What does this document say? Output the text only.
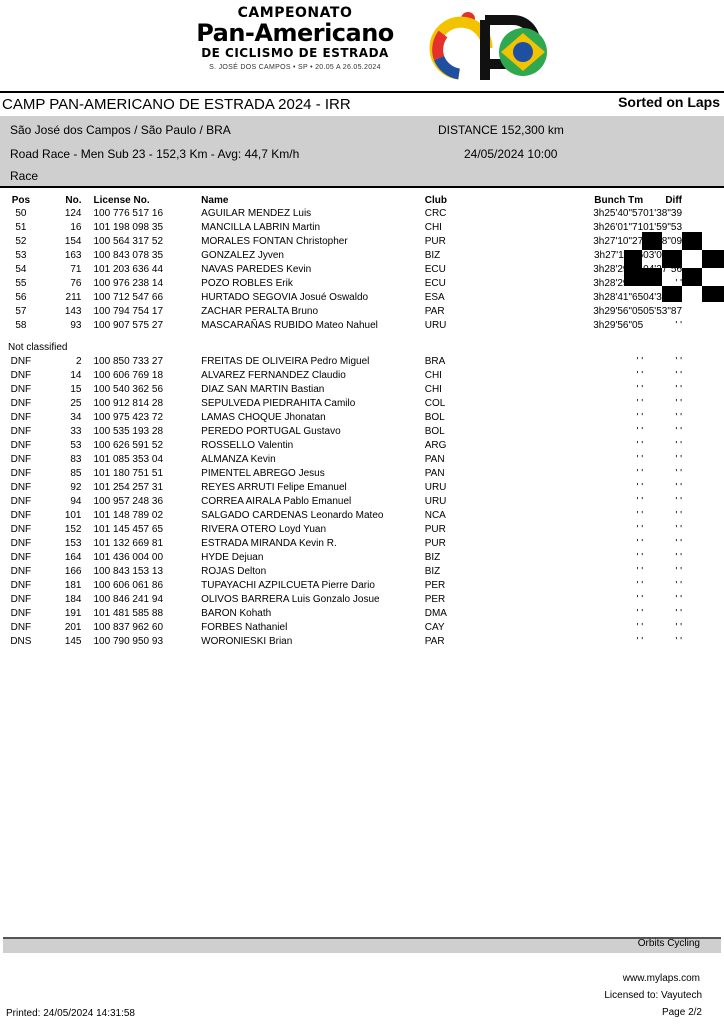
CAMPEONATO
Pan-Americano
DE CICLISMO DE ESTRADA
S. JOSÉ DOS CAMPOS • SP • 20.05 A 26.05.2024
CAMP PAN-AMERICANO DE ESTRADA 2024 - IRR	Sorted on Laps
São José dos Campos / São Paulo / BRA	DISTANCE 152,300 km
Road Race - Men Sub 23 - 152,3 Km - Avg: 44,7 Km/h	24/05/2024 10:00
Race
Pos	No.	License No.	Name	Club	Bunch Tm	Diff
50	124	100 776 517 16	AGUILAR MENDEZ Luis	CRC	3h25'40"57	01'38"39
51	16	101 198 098 35	MANCILLA LABRIN Martin	CHI	3h26'01"71	01'59"53
52	154	100 564 317 52	MORALES FONTAN Christopher	PUR	3h27'10"27	03'08"09
53	163	100 843 078 35	GONZALEZ Jyven	BIZ	3h27'11"96	03'09"78
54	71	101 203 636 44	NAVAS PAREDES Kevin	ECU	3h28'29"74	04'27"56
55	76	100 976 238 14	POZO ROBLES Erik	ECU	3h28'29"74	' '
56	211	100 712 547 66	HURTADO SEGOVIA Josué Oswaldo	ESA	3h28'41"65	04'39"47
57	143	100 794 754 17	ZACHAR PERALTA Bruno	PAR	3h29'56"05	05'53"87
58	93	100 907 575 27	MASCARAÑAS RUBIDO Mateo Nahuel	URU	3h29'56"05	' '

Not classified						
DNF	2	100 850 733 27	FREITAS DE OLIVEIRA Pedro Miguel	BRA	' '	' '
DNF	14	100 606 769 18	ALVAREZ FERNANDEZ Claudio	CHI	' '	' '
DNF	15	100 540 362 56	DIAZ SAN MARTIN Bastian	CHI	' '	' '
DNF	25	100 912 814 28	SEPULVEDA PIEDRAHITA Camilo	COL	' '	' '
DNF	34	100 975 423 72	LAMAS CHOQUE Jhonatan	BOL	' '	' '
DNF	33	100 535 193 28	PEREDO PORTUGAL Gustavo	BOL	' '	' '
DNF	53	100 626 591 52	ROSSELLO Valentin	ARG	' '	' '
DNF	83	101 085 353 04	ALMANZA Kevin	PAN	' '	' '
DNF	85	101 180 751 51	PIMENTEL ABREGO Jesus	PAN	' '	' '
DNF	92	101 254 257 31	REYES ARRUTI Felipe Emanuel	URU	' '	' '
DNF	94	100 957 248 36	CORREA AIRALA Pablo Emanuel	URU	' '	' '
DNF	101	101 148 789 02	SALGADO CARDENAS Leonardo Mateo	NCA	' '	' '
DNF	152	101 145 457 65	RIVERA OTERO Loyd Yuan	PUR	' '	' '
DNF	153	101 132 669 81	ESTRADA MIRANDA Kevin R.	PUR	' '	' '
DNF	164	101 436 004 00	HYDE Dejuan	BIZ	' '	' '
DNF	166	100 843 153 13	ROJAS Delton	BIZ	' '	' '
DNF	181	100 606 061 86	TUPAYACHI AZPILCUETA Pierre Dario	PER	' '	' '
DNF	184	100 846 241 94	OLIVOS BARRERA Luis Gonzalo Josue	PER	' '	' '
DNF	191	101 481 585 88	BARON Kohath	DMA	' '	' '
DNF	201	100 837 962 60	FORBES Nathaniel	CAY	' '	' '
DNS	145	100 790 950 93	WORONIESKI Brian	PAR	' '	' '
Orbits Cycling
www.mylaps.com
Licensed to: Vayutech
Printed: 24/05/2024 14:31:58	Page 2/2
